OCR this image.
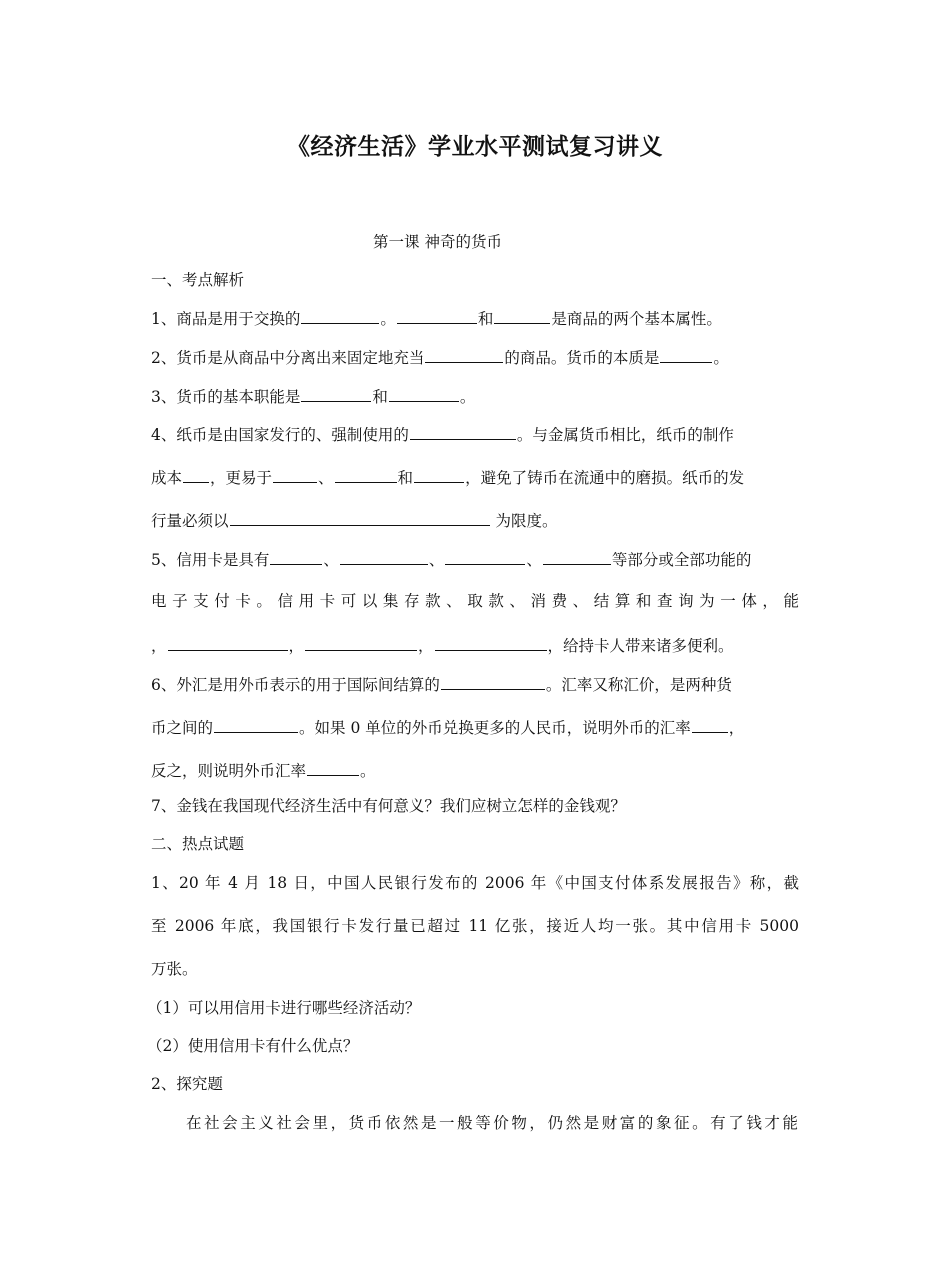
《经济生活》学业水平测试复习讲义
第一课 神奇的货币
一、考点解析
1、商品是用于交换的	。	和	是商品的两个基本属性。
2、货币是从商品中分离出来固定地充当	的商品。货币的本质是	。
3、货币的基本职能是	和	。
4、纸币是由国家发行的、强制使用的	。与金属货币相比，纸币的制作
成本 ，更易于	、	和	，避免了铸币在流通中的磨损。纸币的发
行量必须以	为限度。
5、信用卡是具有	、	、	、	等部分或全部功能的
电子支付卡。信用卡可以集存款、取款、消费、结算和查询为一体，能
，	，	，	，给持卡人带来诸多便利。
6、外汇是用外币表示的用于国际间结算的	。汇率又称汇价，是两种货
币之间的	。如果 0 单位的外币兑换更多的人民币，说明外币的汇率 ，
反之，则说明外币汇率	。
7、金钱在我国现代经济生活中有何意义？我们应树立怎样的金钱观？
二、热点试题
1、20 年 4 月 18 日，中国人民银行发布的 2006 年《中国支付体系发展报告》称，截
至 2006 年底，我国银行卡发行量已超过 11 亿张，接近人均一张。其中信用卡 5000
万张。
（1）可以用信用卡进行哪些经济活动？
（2）使用信用卡有什么优点？
2、探究题
在社会主义社会里，货币依然是一般等价物，仍然是财富的象征。有了钱才能
